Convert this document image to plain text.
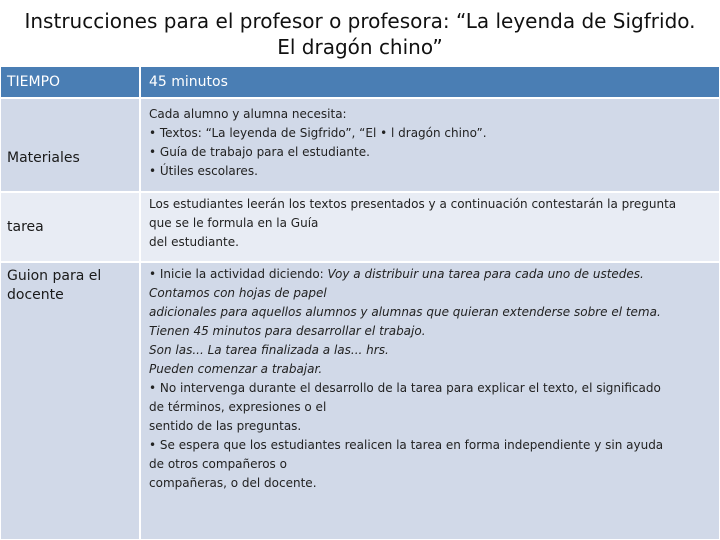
Instrucciones para el profesor o profesora: “La leyenda de Sigfrido.
El dragón chino”
TIEMPO	45 minutos
Materiales

Cada alumno y alumna necesita:

• Textos: “La leyenda de Sigfrido”, “El • l dragón chino”.

• Guía de trabajo para el estudiante.

• Útiles escolares.

tarea

Los estudiantes leerán los textos presentados y a continuación contestarán la pregunta

que se le formula en la Guía

del estudiante.

Guion para el docente

• Inicie la actividad diciendo: Voy a distribuir una tarea para cada uno de ustedes.

Contamos con hojas de papel

adicionales para aquellos alumnos y alumnas que quieran extenderse sobre el tema.

Tienen 45 minutos para desarrollar el trabajo.

Son las... La tarea finalizada a las... hrs.

Pueden comenzar a trabajar.

• No intervenga durante el desarrollo de la tarea para explicar el texto, el significado

de términos, expresiones o el

sentido de las preguntas.

• Se espera que los estudiantes realicen la tarea en forma independiente y sin ayuda

de otros compañeros o

compañeras, o del docente.
